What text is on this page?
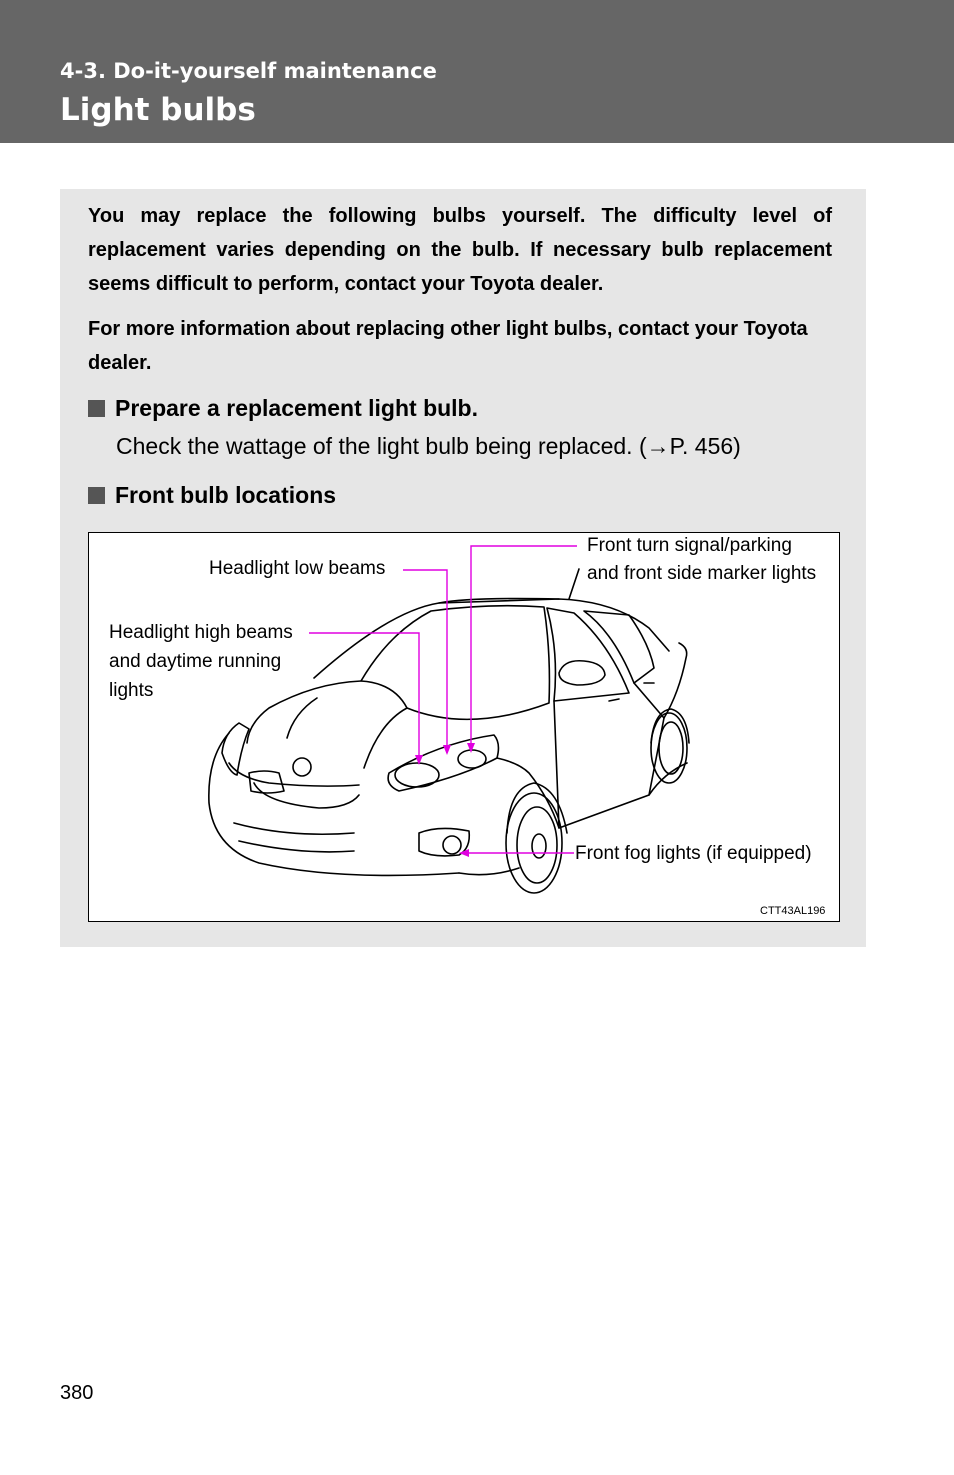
4-3. Do-it-yourself maintenance
Light bulbs

You may replace the following bulbs yourself. The difficulty level of replacement varies depending on the bulb. If necessary bulb replacement seems difficult to perform, contact your Toyota dealer.

For more information about replacing other light bulbs, contact your Toyota dealer.

Prepare a replacement light bulb.
Check the wattage of the light bulb being replaced. (→P. 456)
Front bulb locations
Headlight low beams
Headlight high beams
and daytime running
lights
Front turn signal/parking
and front side marker lights
Front fog lights (if equipped)
CTT43AL196
380
